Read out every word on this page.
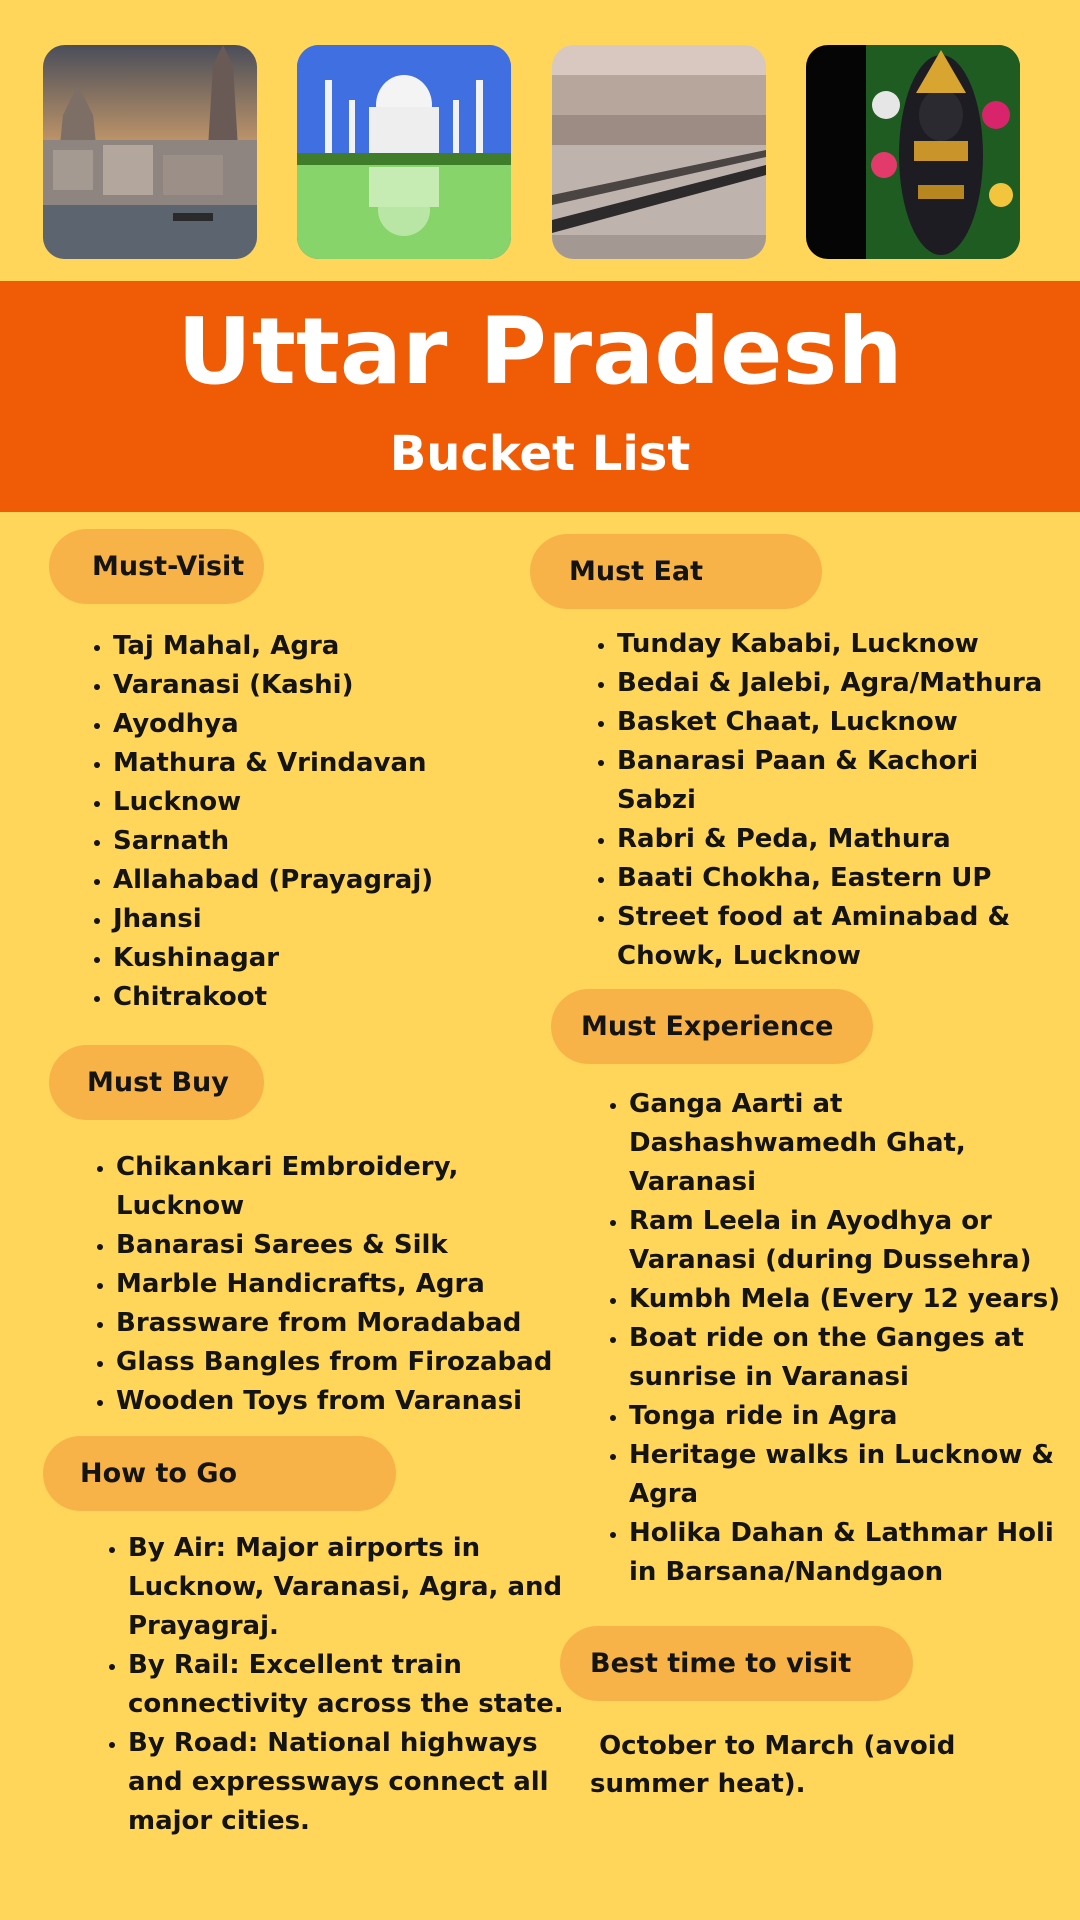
Uttar Pradesh
Bucket List
Must-Visit
• Taj Mahal, Agra
• Varanasi (Kashi)
• Ayodhya
• Mathura & Vrindavan
• Lucknow
• Sarnath
• Allahabad (Prayagraj)
• Jhansi
• Kushinagar
• Chitrakoot
Must Buy
• Chikankari Embroidery, Lucknow
• Banarasi Sarees & Silk
• Marble Handicrafts, Agra
• Brassware from Moradabad
• Glass Bangles from Firozabad
• Wooden Toys from Varanasi
How to Go
• By Air: Major airports in Lucknow, Varanasi, Agra, and Prayagraj.
• By Rail: Excellent train connectivity across the state.
• By Road: National highways and expressways connect all major cities.
Must Eat
• Tunday Kababi, Lucknow
• Bedai & Jalebi, Agra/Mathura
• Basket Chaat, Lucknow
• Banarasi Paan & Kachori Sabzi
• Rabri & Peda, Mathura
• Baati Chokha, Eastern UP
• Street food at Aminabad & Chowk, Lucknow
Must Experience
• Ganga Aarti at Dashashwamedh Ghat, Varanasi
• Ram Leela in Ayodhya or Varanasi (during Dussehra)
• Kumbh Mela (Every 12 years)
• Boat ride on the Ganges at sunrise in Varanasi
• Tonga ride in Agra
• Heritage walks in Lucknow & Agra
• Holika Dahan & Lathmar Holi in Barsana/Nandgaon
Best time to visit
October to March (avoid summer heat).
